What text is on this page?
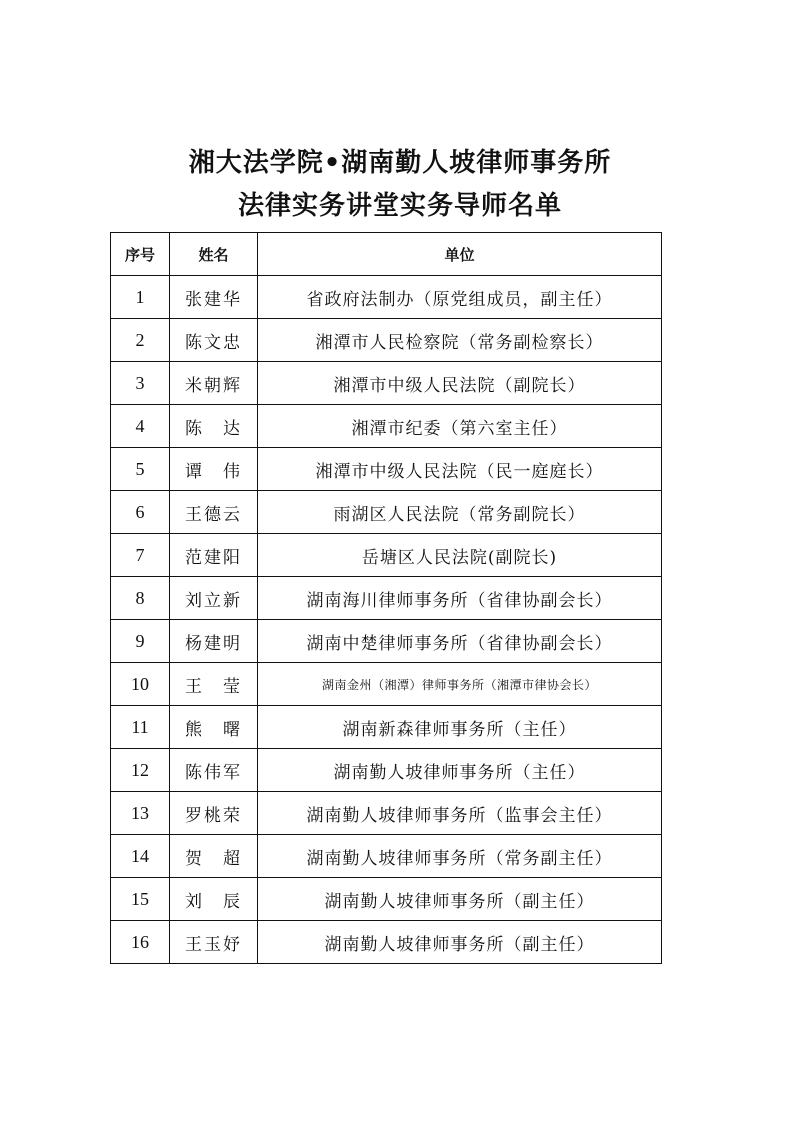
湘大法学院•湖南勤人坡律师事务所
法律实务讲堂实务导师名单
序号	姓名	单位
1	张建华	省政府法制办（原党组成员，副主任）
2	陈文忠	湘潭市人民检察院（常务副检察长）
3	米朝辉	湘潭市中级人民法院（副院长）
4	陈　达	湘潭市纪委（第六室主任）
5	谭　伟	湘潭市中级人民法院（民一庭庭长）
6	王德云	雨湖区人民法院（常务副院长）
7	范建阳	岳塘区人民法院(副院长)
8	刘立新	湖南海川律师事务所（省律协副会长）
9	杨建明	湖南中楚律师事务所（省律协副会长）
10	王　莹	湖南金州（湘潭）律师事务所（湘潭市律协会长）
11	熊　曙	湖南新森律师事务所（主任）
12	陈伟军	湖南勤人坡律师事务所（主任）
13	罗桃荣	湖南勤人坡律师事务所（监事会主任）
14	贺　超	湖南勤人坡律师事务所（常务副主任）
15	刘　辰	湖南勤人坡律师事务所（副主任）
16	王玉妤	湖南勤人坡律师事务所（副主任）
